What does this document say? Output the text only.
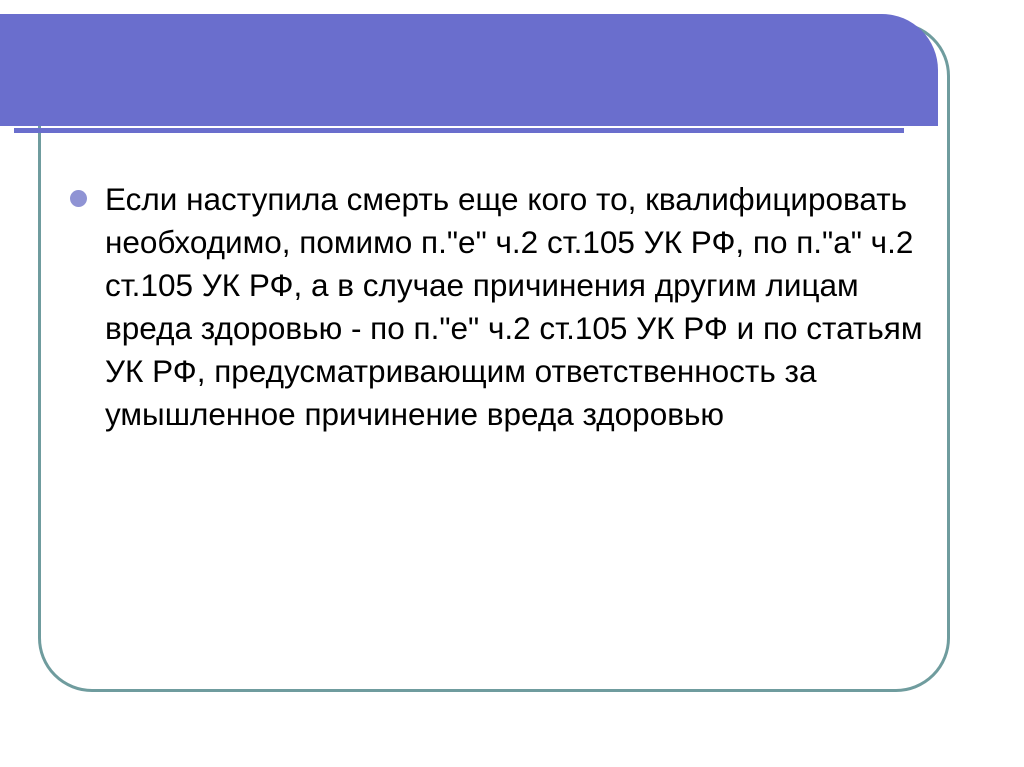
Если наступила смерть еще кого то, квалифицировать необходимо, помимо п."е" ч.2 ст.105 УК РФ, по п."а" ч.2 ст.105 УК РФ, а в случае причинения другим лицам вреда здоровью - по п."е" ч.2 ст.105 УК РФ и по статьям УК РФ, предусматривающим ответственность за умышленное причинение вреда здоровью
